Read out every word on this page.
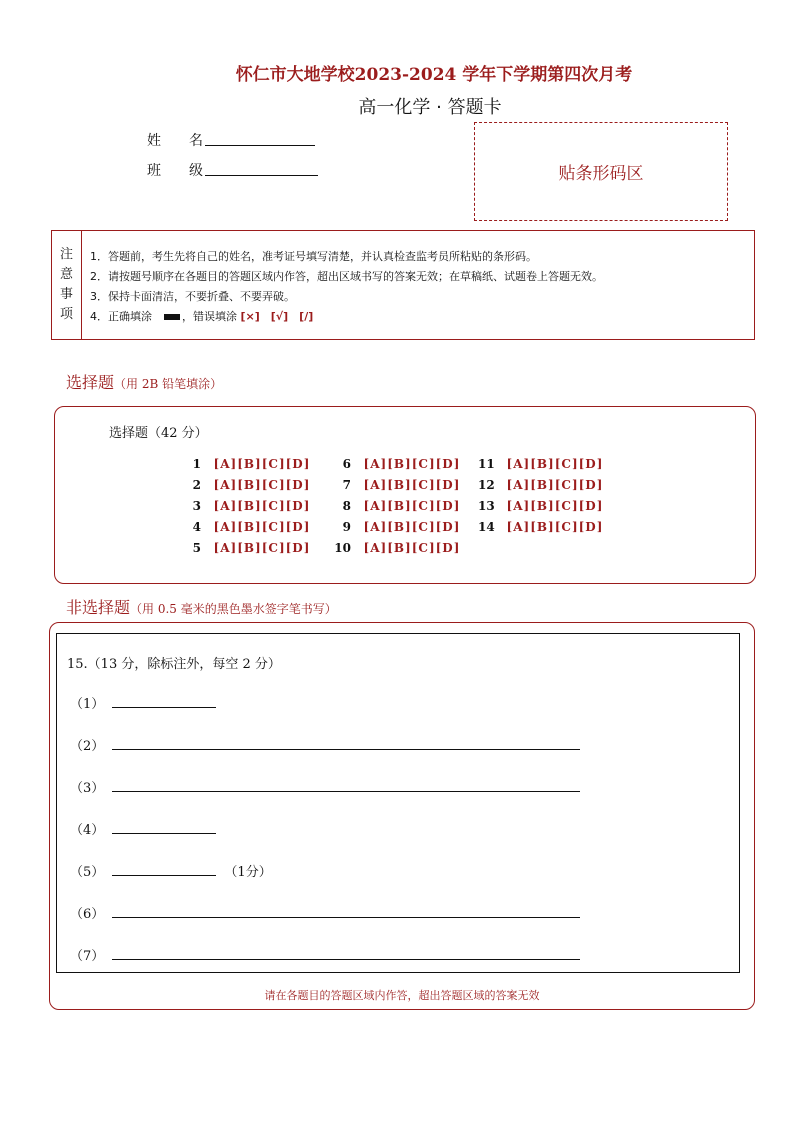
怀仁市大地学校2023-2024 学年下学期第四次月考
高一化学 · 答题卡
姓　　名
班　　级	贴条形码区
注
意
事
项
1．答题前，考生先将自己的姓名，准考证号填写清楚，并认真检查监考员所粘贴的条形码。
2．请按题号顺序在各题目的答题区域内作答，超出区域书写的答案无效；在草稿纸、试题卷上答题无效。
3．保持卡面清洁，不要折叠、不要弄破。
4．正确填涂	，错误填涂 [×]　[√]　[/]
选择题（用 2B 铅笔填涂）
选择题（42 分）
1 [A][B][C][D]
2 [A][B][C][D]
3 [A][B][C][D]
4 [A][B][C][D]
5 [A][B][C][D]
6 [A][B][C][D]
7 [A][B][C][D]
8 [A][B][C][D]
9 [A][B][C][D]
10 [A][B][C][D]
11 [A][B][C][D]
12 [A][B][C][D]
13 [A][B][C][D]
14 [A][B][C][D]
非选择题（用 0.5 毫米的黑色墨水签字笔书写）
15.（13 分，除标注外，每空 2 分）
（1）
（2）
（3）
（4）
（5）	（1分）
（6）
（7）
请在各题目的答题区域内作答，超出答题区域的答案无效
